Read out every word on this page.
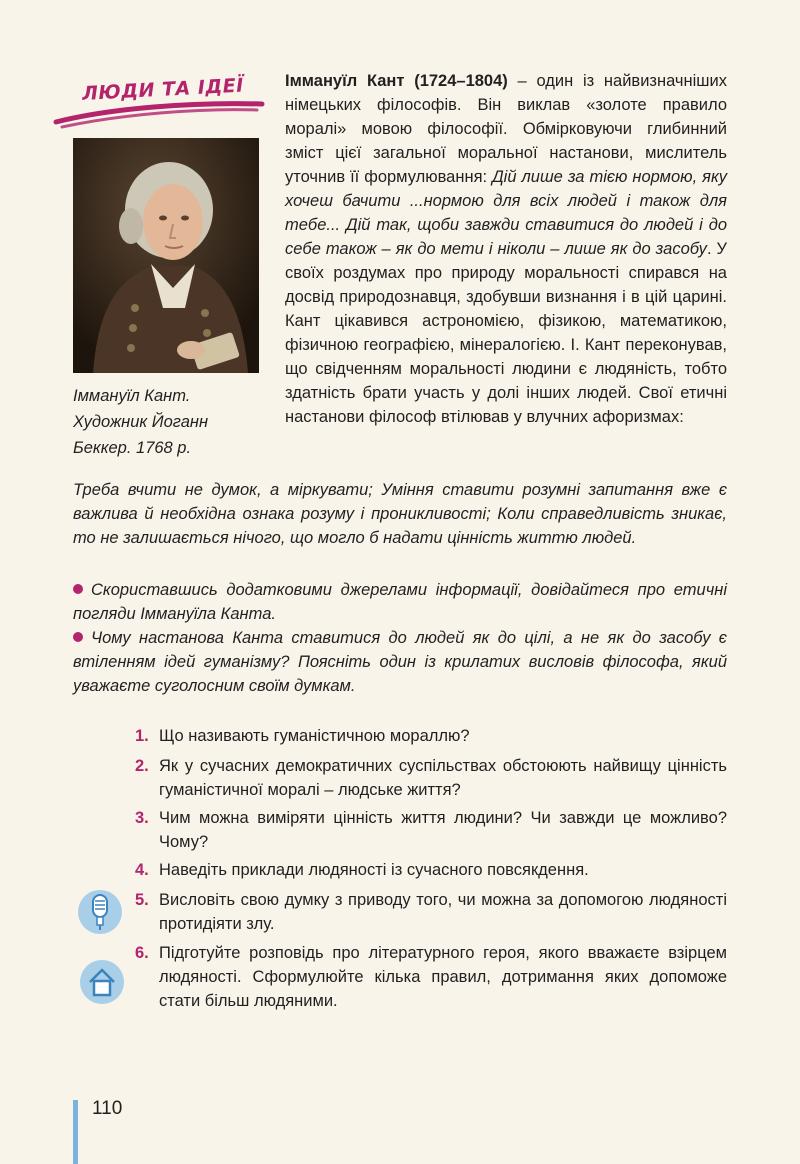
ЛЮДИ ТА ІДЕЇ
Іммануїл Кант.
Художник Йоганн
Беккер. 1768 р.
Іммануїл Кант (1724–1804) – один із найвизначніших німецьких філософів. Він виклав «золоте правило моралі» мовою філософії. Обмірковуючи глибинний зміст цієї загальної моральної настанови, мислитель уточнив її формулювання: Дій лише за тією нормою, яку хочеш бачити ...нормою для всіх людей і також для тебе... Дій так, щоби завжди ставитися до людей і до себе також – як до мети і ніколи – лише як до засобу. У своїх роздумах про природу моральності спирався на досвід природознавця, здобувши визнання і в цій царині. Кант цікавився астрономією, фізикою, математикою, фізичною географією, мінералогією. І. Кант переконував, що свідченням моральності людини є людяність, тобто здатність брати участь у долі інших людей. Свої етичні настанови філософ втілював у влучних афоризмах:
Треба вчити не думок, а міркувати; Уміння ставити розумні запитання вже є важлива й необхідна ознака розуму і проникливості; Коли справедливість зникає, то не залишається нічого, що могло б надати цінність життю людей.
Скориставшись додатковими джерелами інформації, довідайтеся про етичні погляди Іммануїла Канта.
Чому настанова Канта ставитися до людей як до цілі, а не як до засобу є втіленням ідей гуманізму? Поясніть один із крилатих висловів філософа, який уважаєте суголосним своїм думкам.
1. Що називають гуманістичною мораллю?
2. Як у сучасних демократичних суспільствах обстоюють найвищу цінність гуманістичної моралі – людське життя?
3. Чим можна виміряти цінність життя людини? Чи завжди це можливо? Чому?
4. Наведіть приклади людяності із сучасного повсякдення.
5. Висловіть свою думку з приводу того, чи можна за допомогою людяності протидіяти злу.
6. Підготуйте розповідь про літературного героя, якого вважаєте взірцем людяності. Сформулюйте кілька правил, дотримання яких допоможе стати більш людяними.
110
